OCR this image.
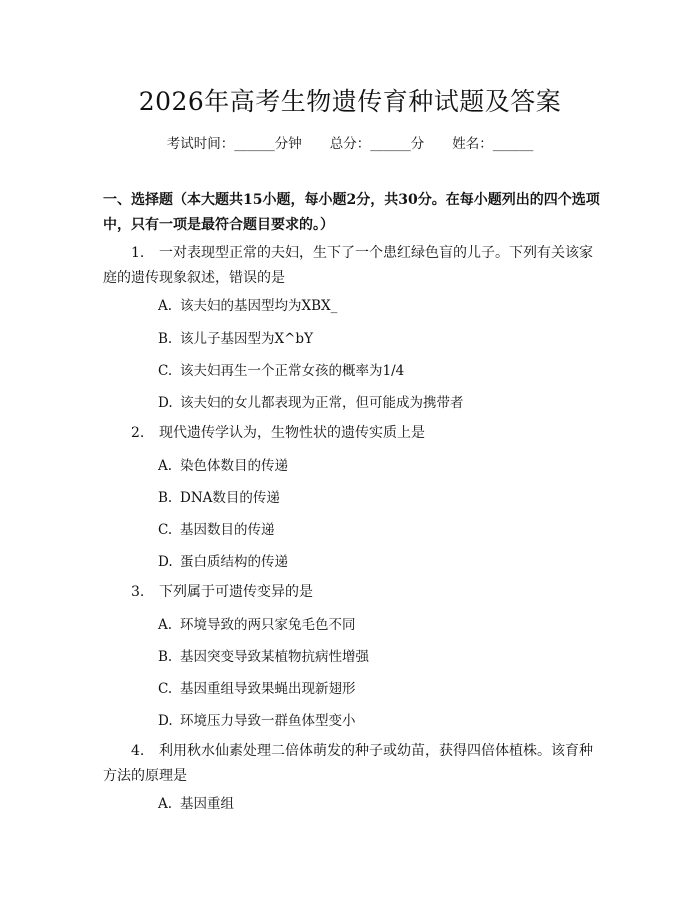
2026年高考生物遗传育种试题及答案
考试时间：______分钟 总分：______分 姓名：______
一、选择题（本大题共15小题，每小题2分，共30分。在每小题列出的四个选项中，只有一项是最符合题目要求的。）
1. 一对表现型正常的夫妇，生下了一个患红绿色盲的儿子。下列有关该家庭的遗传现象叙述，错误的是
A. 该夫妇的基因型均为XBX_
B. 该儿子基因型为X^bY
C. 该夫妇再生一个正常女孩的概率为1/4
D. 该夫妇的女儿都表现为正常，但可能成为携带者
2. 现代遗传学认为，生物性状的遗传实质上是
A. 染色体数目的传递
B. DNA数目的传递
C. 基因数目的传递
D. 蛋白质结构的传递
3. 下列属于可遗传变异的是
A. 环境导致的两只家兔毛色不同
B. 基因突变导致某植物抗病性增强
C. 基因重组导致果蝇出现新翅形
D. 环境压力导致一群鱼体型变小
4. 利用秋水仙素处理二倍体萌发的种子或幼苗，获得四倍体植株。该育种方法的原理是
A. 基因重组
